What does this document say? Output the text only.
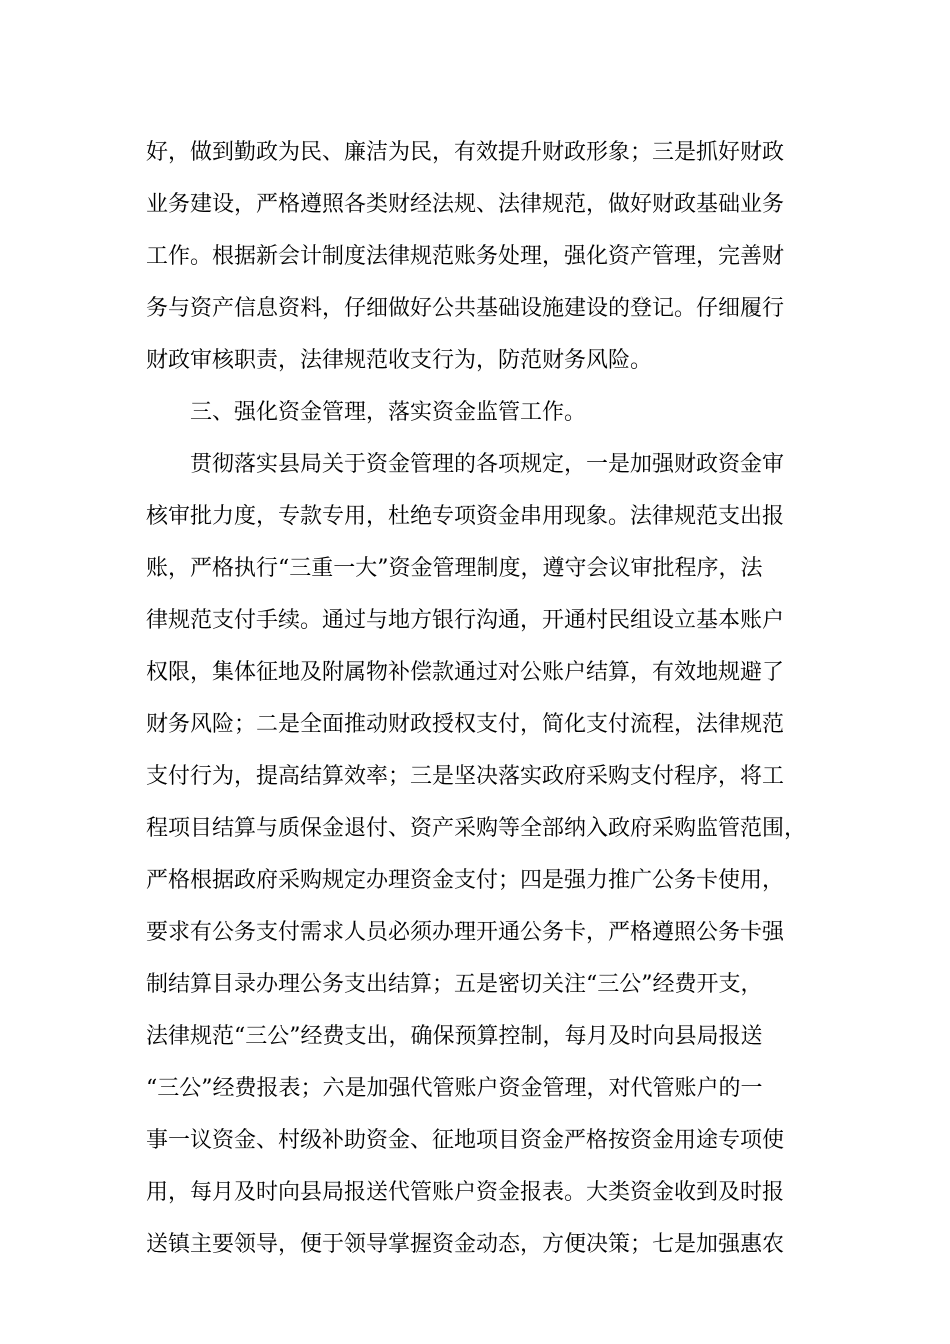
好，做到勤政为民、廉洁为民，有效提升财政形象；三是抓好财政
业务建设，严格遵照各类财经法规、法律规范，做好财政基础业务
工作。根据新会计制度法律规范账务处理，强化资产管理，完善财
务与资产信息资料，仔细做好公共基础设施建设的登记。仔细履行
财政审核职责，法律规范收支行为，防范财务风险。
三、强化资金管理，落实资金监管工作。
贯彻落实县局关于资金管理的各项规定，一是加强财政资金审
核审批力度，专款专用，杜绝专项资金串用现象。法律规范支出报
账，严格执行“三重一大”资金管理制度，遵守会议审批程序，法
律规范支付手续。通过与地方银行沟通，开通村民组设立基本账户
权限，集体征地及附属物补偿款通过对公账户结算，有效地规避了
财务风险；二是全面推动财政授权支付，简化支付流程，法律规范
支付行为，提高结算效率；三是坚决落实政府采购支付程序，将工
程项目结算与质保金退付、资产采购等全部纳入政府采购监管范围，
严格根据政府采购规定办理资金支付；四是强力推广公务卡使用，
要求有公务支付需求人员必须办理开通公务卡，严格遵照公务卡强
制结算目录办理公务支出结算；五是密切关注“三公”经费开支，
法律规范“三公”经费支出，确保预算控制，每月及时向县局报送
“三公”经费报表；六是加强代管账户资金管理，对代管账户的一
事一议资金、村级补助资金、征地项目资金严格按资金用途专项使
用，每月及时向县局报送代管账户资金报表。大类资金收到及时报
送镇主要领导，便于领导掌握资金动态，方便决策；七是加强惠农
